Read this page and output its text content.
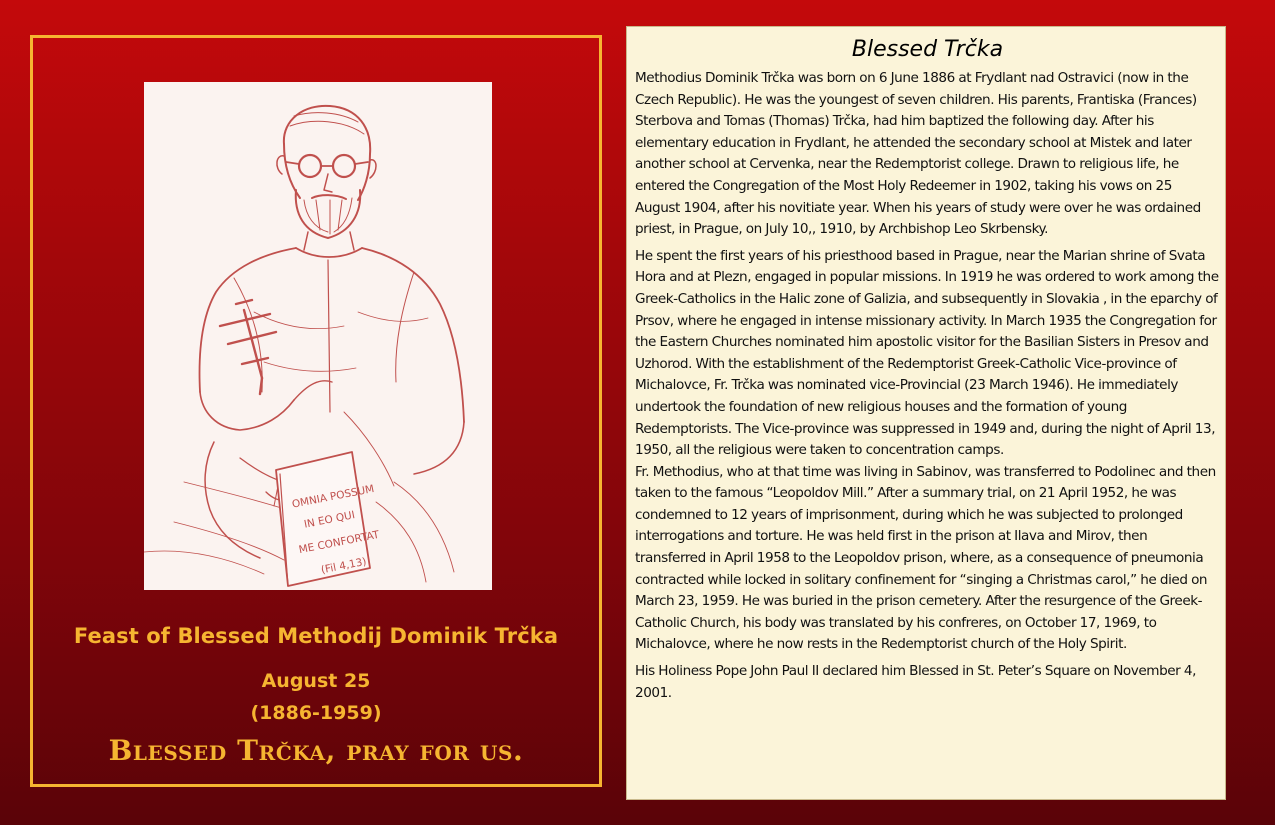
OMNIA POSSUM
IN EO QUI
ME CONFORTAT
(Fil 4,13)
Feast of Blessed Methodij Dominik Trčka
August 25
(1886-1959)
Blessed Trčka, pray for us.
Blessed Trčka

Methodius Dominik Trčka was born on 6 June 1886 at Frydlant nad Ostravici (now in the Czech Republic). He was the youngest of seven children. His parents, Frantiska (Frances) Sterbova and Tomas (Thomas) Trčka, had him baptized the following day. After his elementary education in Frydlant, he attended the secondary school at Mistek and later another school at Cervenka, near the Redemptorist college. Drawn to religious life, he entered the Congregation of the Most Holy Redeemer in 1902, taking his vows on 25 August 1904, after his novitiate year. When his years of study were over he was ordained priest, in Prague, on July 10,, 1910, by Archbishop Leo Skrbensky.

He spent the first years of his priesthood based in Prague, near the Marian shrine of Svata Hora and at Plezn, engaged in popular missions. In 1919 he was ordered to work among the Greek-Catholics in the Halic zone of Galizia, and subsequently in Slovakia , in the eparchy of Prsov, where he engaged in intense missionary activity. In March 1935 the Congregation for the Eastern Churches nominated him apostolic visitor for the Basilian Sisters in Presov and Uzhorod. With the establishment of the Redemptorist Greek-Catholic Vice-province of Michalovce, Fr. Trčka was nominated vice-Provincial (23 March 1946). He immediately undertook the foundation of new religious houses and the formation of young Redemptorists. The Vice-province was suppressed in 1949 and, during the night of April 13, 1950, all the religious were taken to concentration camps.

Fr. Methodius, who at that time was living in Sabinov, was transferred to Podolinec and then taken to the famous “Leopoldov Mill.” After a summary trial, on 21 April 1952, he was condemned to 12 years of imprisonment, during which he was subjected to prolonged interrogations and torture. He was held first in the prison at Ilava and Mirov, then transferred in April 1958 to the Leopoldov prison, where, as a consequence of pneumonia contracted while locked in solitary confinement for “singing a Christmas carol,” he died on March 23, 1959. He was buried in the prison cemetery. After the resurgence of the Greek-Catholic Church, his body was translated by his confreres, on October 17, 1969, to Michalovce, where he now rests in the Redemptorist church of the Holy Spirit.

His Holiness Pope John Paul II declared him Blessed in St. Peter’s Square on November 4, 2001.
